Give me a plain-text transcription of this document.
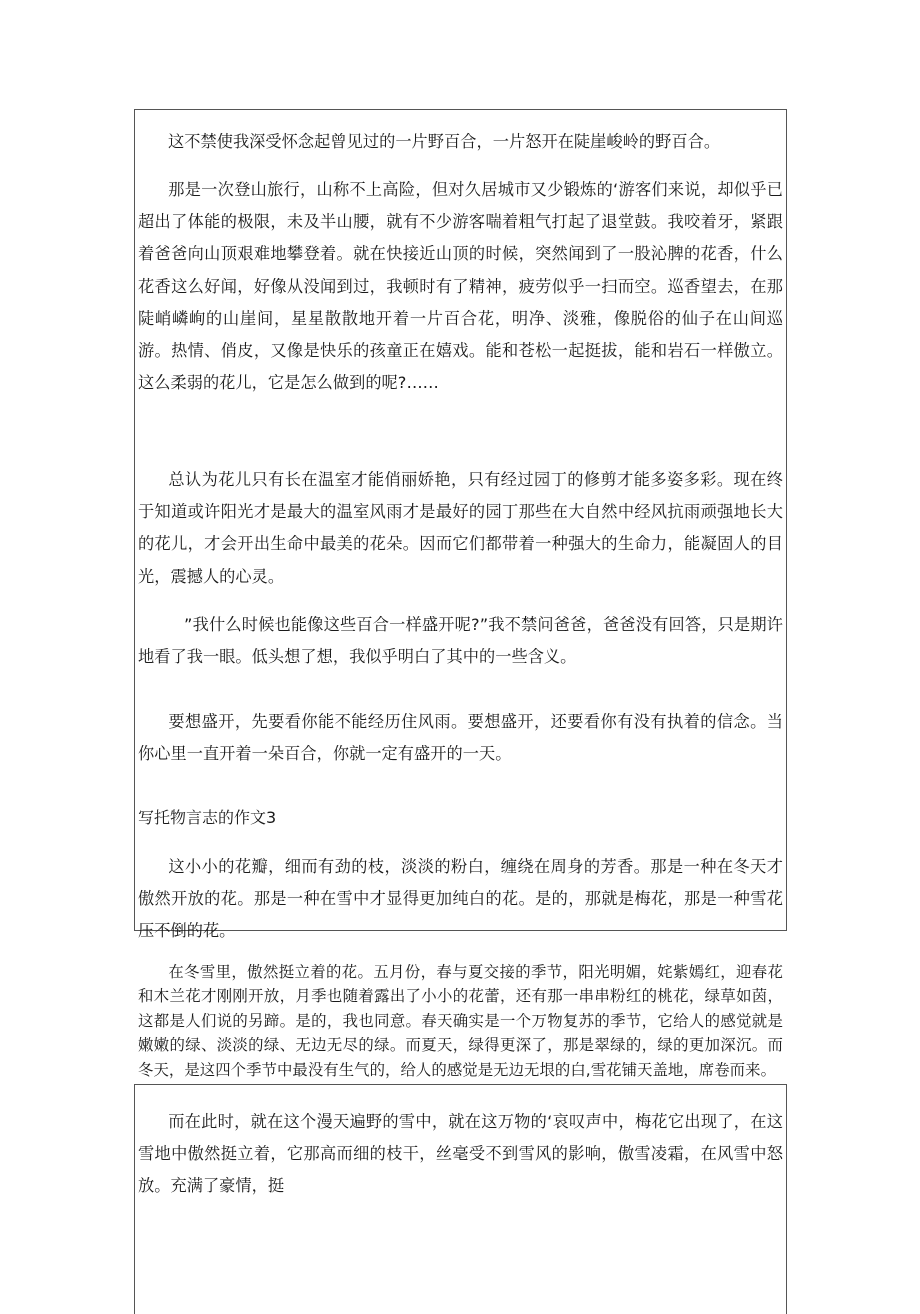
这不禁使我深受怀念起曾见过的一片野百合，一片怒开在陡崖峻岭的野百合。
那是一次登山旅行，山称不上高险，但对久居城市又少锻炼的‘游客们来说，却似乎已超出了体能的极限，未及半山腰，就有不少游客喘着粗气打起了退堂鼓。我咬着牙，紧跟着爸爸向山顶艰难地攀登着。就在快接近山顶的时候，突然闻到了一股沁脾的花香，什么花香这么好闻，好像从没闻到过，我顿时有了精神，疲劳似乎一扫而空。巡香望去，在那陡峭嶙峋的山崖间，星星散散地开着一片百合花，明净、淡雅，像脱俗的仙子在山间巡游。热情、俏皮，又像是快乐的孩童正在嬉戏。能和苍松一起挺拔，能和岩石一样傲立。这么柔弱的花儿，它是怎么做到的呢?……
总认为花儿只有长在温室才能俏丽娇艳，只有经过园丁的修剪才能多姿多彩。现在终于知道或许阳光才是最大的温室风雨才是最好的园丁那些在大自然中经风抗雨顽强地长大的花儿，才会开出生命中最美的花朵。因而它们都带着一种强大的生命力，能凝固人的目光，震撼人的心灵。
”我什么时候也能像这些百合一样盛开呢?”我不禁问爸爸，爸爸没有回答，只是期许地看了我一眼。低头想了想，我似乎明白了其中的一些含义。
要想盛开，先要看你能不能经历住风雨。要想盛开，还要看你有没有执着的信念。当你心里一直开着一朵百合，你就一定有盛开的一天。
写托物言志的作文3
这小小的花瓣，细而有劲的枝，淡淡的粉白，缠绕在周身的芳香。那是一种在冬天才傲然开放的花。那是一种在雪中才显得更加纯白的花。是的，那就是梅花，那是一种雪花压不倒的花。
在冬雪里，傲然挺立着的花。五月份，春与夏交接的季节，阳光明媚，姹紫嫣红，迎春花和木兰花才刚刚开放，月季也随着露出了小小的花蕾，还有那一串串粉红的桃花，绿草如茵，这都是人们说的另蹄。是的，我也同意。春天确实是一个万物复苏的季节，它给人的感觉就是嫩嫩的绿、淡淡的绿、无边无尽的绿。而夏天，绿得更深了，那是翠绿的，绿的更加深沉。而冬天，是这四个季节中最没有生气的，给人的感觉是无边无垠的白,雪花铺天盖地，席卷而来。
而在此时，就在这个漫天遍野的雪中，就在这万物的‘哀叹声中，梅花它出现了，在这雪地中傲然挺立着，它那高而细的枝干，丝毫受不到雪风的影响，傲雪凌霜，在风雪中怒放。充满了豪情，挺
